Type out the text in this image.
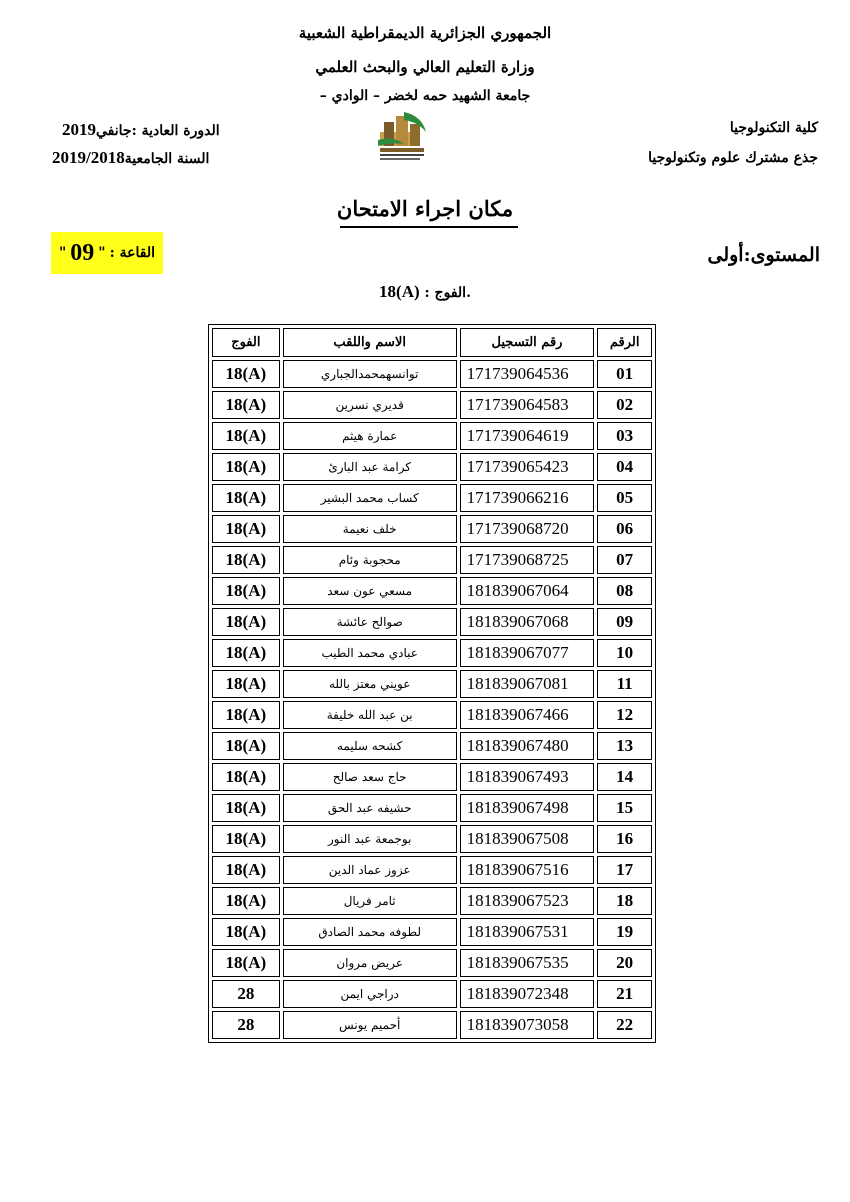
الجمهوري الجزائرية الديمقراطية الشعبية
وزارة التعليم العالي والبحث العلمي
جامعة الشهيد حمه لخضر – الوادي –
كلية التكنولوجيا
جذع مشترك علوم وتكنولوجيا
الدورة العادية :جانفي2019
السنة الجامعية2019/2018
مكان اجراء الامتحان
المستوى:أولى
القاعة :
"
09
"
.الفوج : 18(A)
الرقم	رقم التسجيل	الاسم واللقب	الفوج
01	171739064536	توانسهمحمدالجباري	18(A)
02	171739064583	قديري نسرين	18(A)
03	171739064619	عمارة هيثم	18(A)
04	171739065423	كرامة عبد البارئ	18(A)
05	171739066216	كساب محمد البشير	18(A)
06	171739068720	خلف نعيمة	18(A)
07	171739068725	محجوبة وئام	18(A)
08	181839067064	مسعي عون سعد	18(A)
09	181839067068	صوالح عائشة	18(A)
10	181839067077	عبادي محمد الطيب	18(A)
11	181839067081	عويني معتز بالله	18(A)
12	181839067466	بن عبد الله خليفة	18(A)
13	181839067480	كشحه سليمه	18(A)
14	181839067493	حاج سعد صالح	18(A)
15	181839067498	حشيفه عبد الحق	18(A)
16	181839067508	بوجمعة عبد النور	18(A)
17	181839067516	عزوز عماد الدين	18(A)
18	181839067523	ثامر فريال	18(A)
19	181839067531	لطوفه محمد الصادق	18(A)
20	181839067535	عريض مروان	18(A)
21	181839072348	دراجي ايمن	28
22	181839073058	أحميم يونس	28
